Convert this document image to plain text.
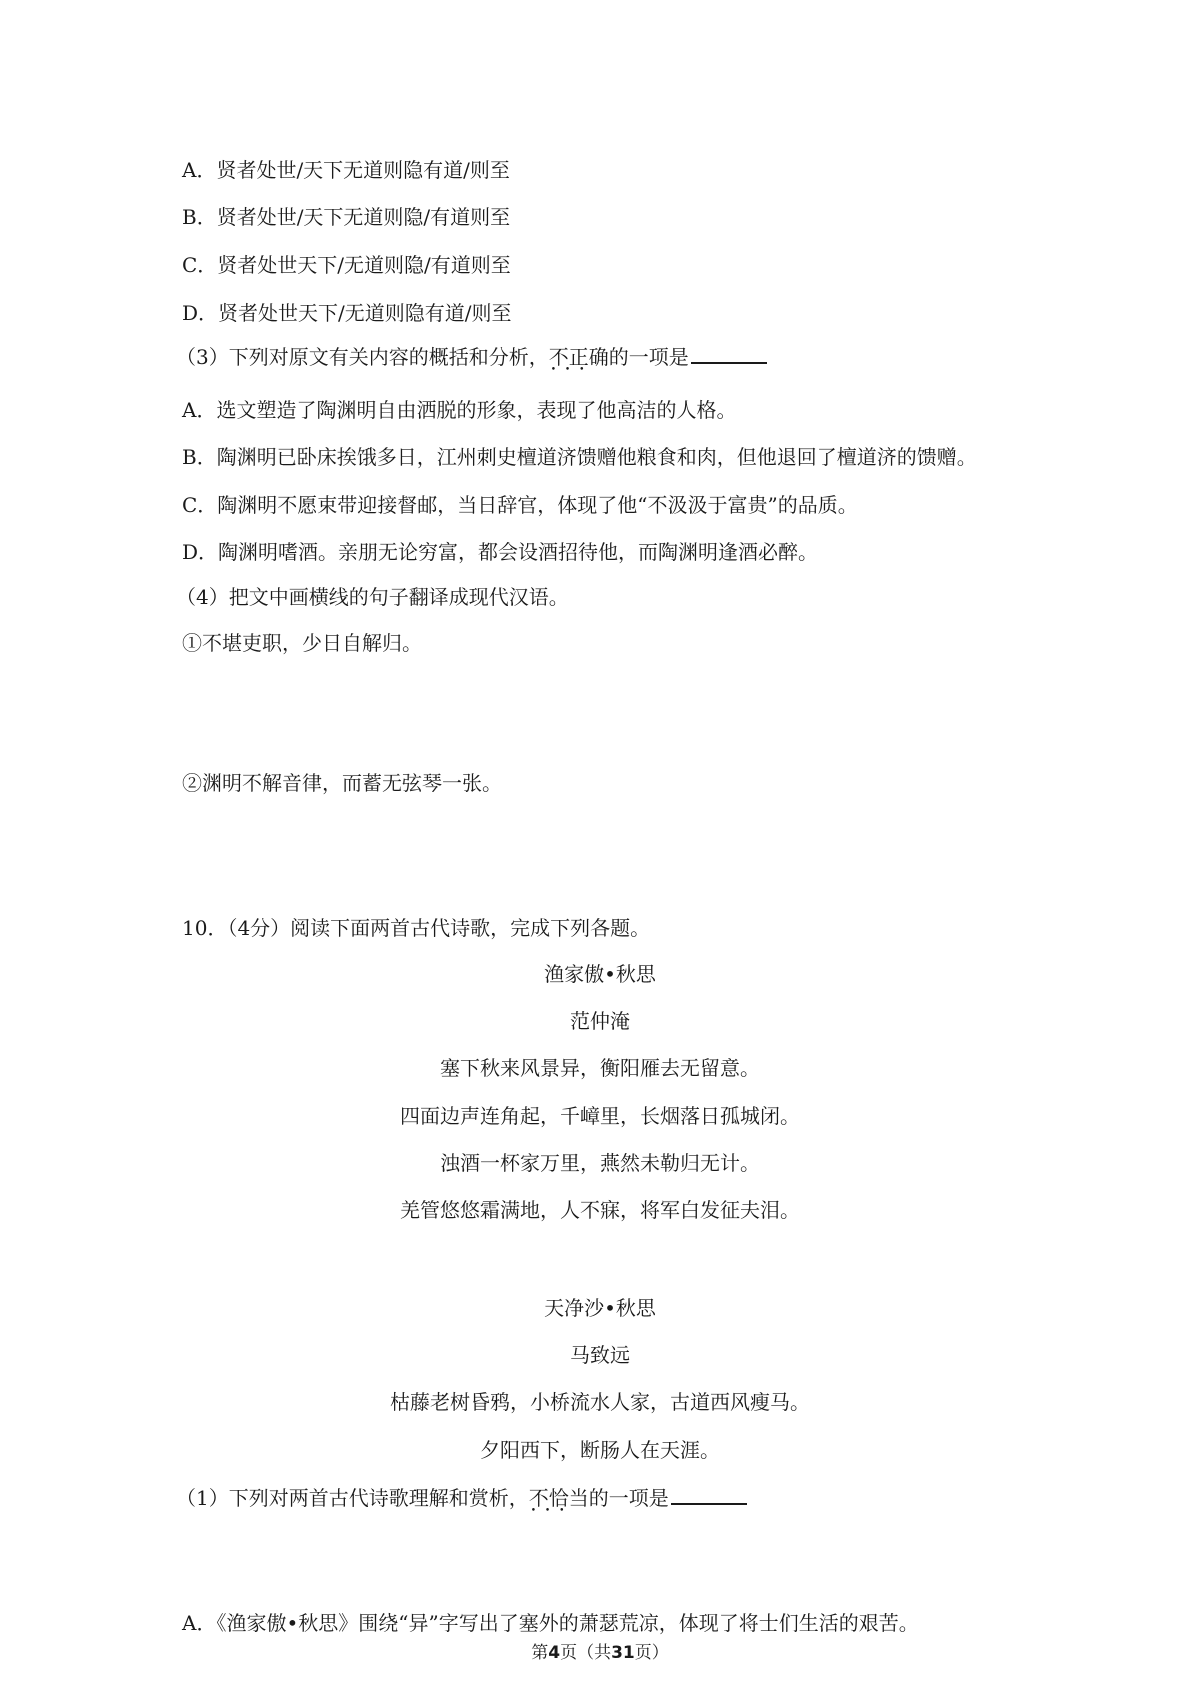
A．贤者处世/天下无道则隐有道/则至
B．贤者处世/天下无道则隐/有道则至
C．贤者处世天下/无道则隐/有道则至
D．贤者处世天下/无道则隐有道/则至
（3）下列对原文有关内容的概括和分析，不正确 • • •的一项是
A．选文塑造了陶渊明自由洒脱的形象，表现了他高洁的人格。
B．陶渊明已卧床挨饿多日，江州刺史檀道济馈赠他粮食和肉，但他退回了檀道济的馈赠。
C．陶渊明不愿束带迎接督邮，当日辞官，体现了他“不汲汲于富贵”的品质。
D．陶渊明嗜酒。亲朋无论穷富，都会设酒招待他，而陶渊明逢酒必醉。
（4）把文中画横线的句子翻译成现代汉语。
①不堪吏职，少日自解归。
②渊明不解音律，而蓄无弦琴一张。
10．（4分）阅读下面两首古代诗歌，完成下列各题。
渔家傲•秋思
范仲淹
塞下秋来风景异，衡阳雁去无留意。
四面边声连角起，千嶂里，长烟落日孤城闭。
浊酒一杯家万里，燕然未勒归无计。
羌管悠悠霜满地，人不寐，将军白发征夫泪。
天净沙•秋思
马致远
枯藤老树昏鸦，小桥流水人家，古道西风瘦马。
夕阳西下，断肠人在天涯。
（1）下列对两首古代诗歌理解和赏析，不恰当 • • •的一项是
A．《渔家傲•秋思》围绕“异”字写出了塞外的萧瑟荒凉，体现了将士们生活的艰苦。
第4页（共31页）
